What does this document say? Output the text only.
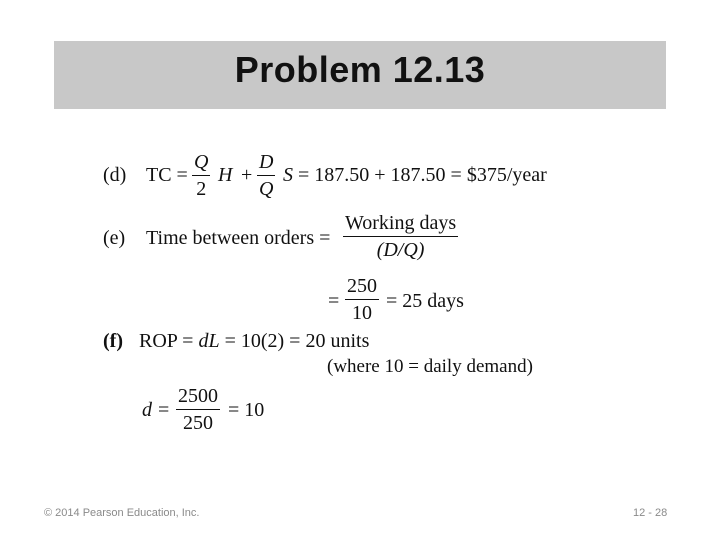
Problem 12.13
(d) TC =
Q
2
H +
D
Q
S = 187.50 + 187.50 = $375/year
(e) Time between orders =
Working days
(D/Q)
=
250
10
= 25 days
(f) ROP = dL = 10(2) = 20 units
(where 10 = daily demand)
d =
2500
250
= 10
© 2014 Pearson Education, Inc.	12 - 28
